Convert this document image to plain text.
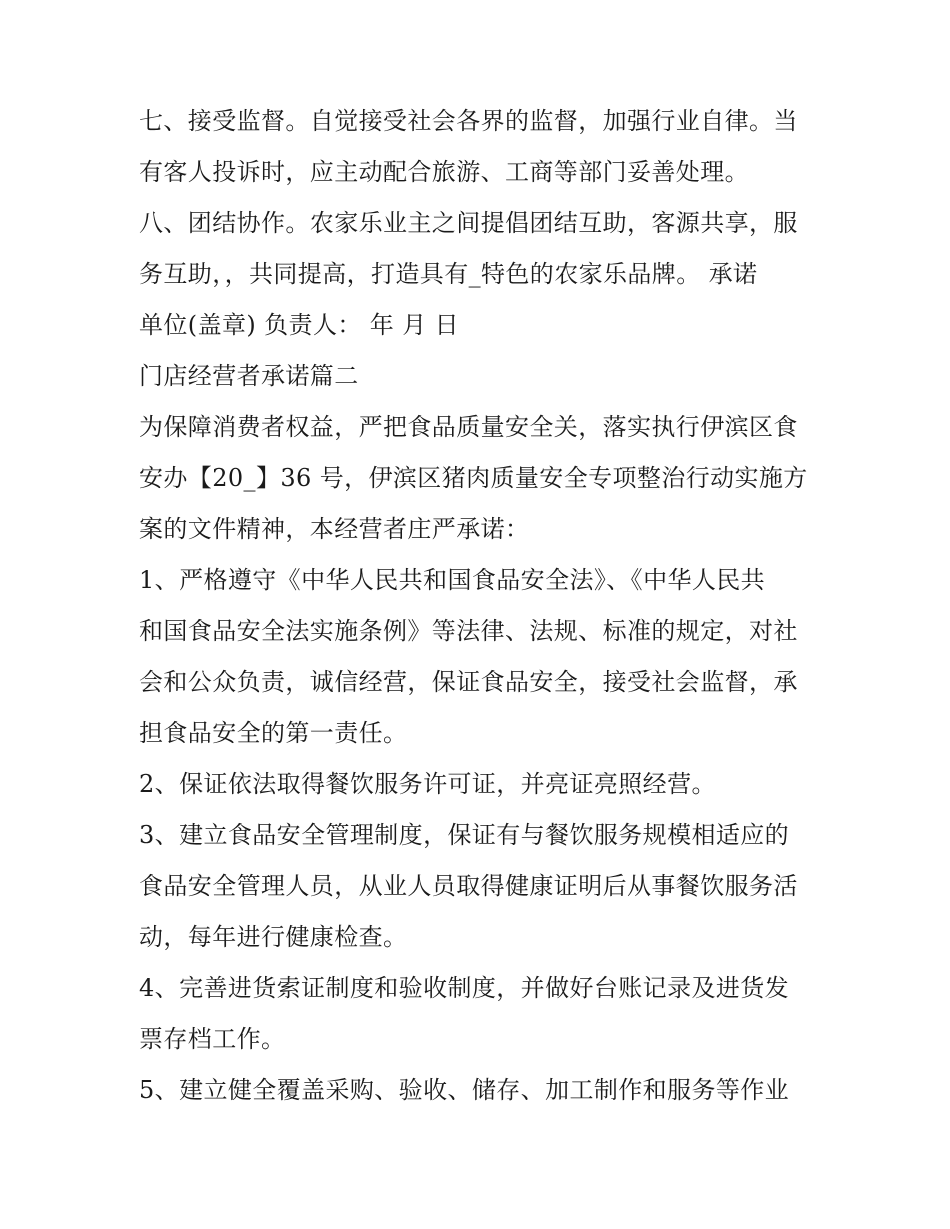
七、接受监督。自觉接受社会各界的监督，加强行业自律。当
有客人投诉时，应主动配合旅游、工商等部门妥善处理。
八、团结协作。农家乐业主之间提倡团结互助，客源共享，服
务互助，，共同提高，打造具有_特色的农家乐品牌。 承诺
单位(盖章) 负责人： 年 月 日
门店经营者承诺篇二
为保障消费者权益，严把食品质量安全关，落实执行伊滨区食
安办【20_】36 号，伊滨区猪肉质量安全专项整治行动实施方
案的文件精神，本经营者庄严承诺：
1、严格遵守《中华人民共和国食品安全法》、《中华人民共
和国食品安全法实施条例》等法律、法规、标准的规定，对社
会和公众负责，诚信经营，保证食品安全，接受社会监督，承
担食品安全的第一责任。
2、保证依法取得餐饮服务许可证，并亮证亮照经营。
3、建立食品安全管理制度，保证有与餐饮服务规模相适应的
食品安全管理人员，从业人员取得健康证明后从事餐饮服务活
动，每年进行健康检查。
4、完善进货索证制度和验收制度，并做好台账记录及进货发
票存档工作。
5、建立健全覆盖采购、验收、储存、加工制作和服务等作业
